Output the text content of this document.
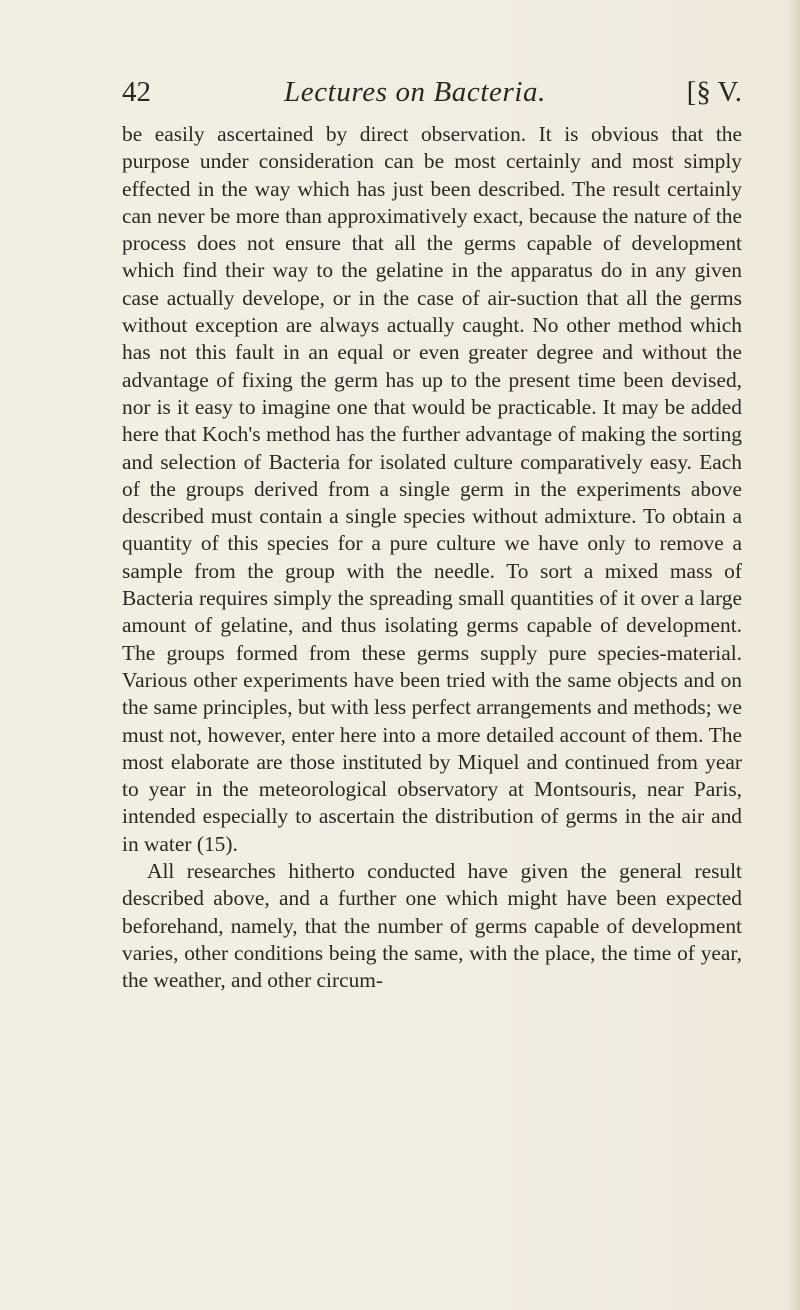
42	Lectures on Bacteria.	[§ V.

be easily ascertained by direct observation. It is obvious that the purpose under consideration can be most certainly and most simply effected in the way which has just been described. The result certainly can never be more than approximatively exact, because the nature of the process does not ensure that all the germs capable of development which find their way to the gelatine in the apparatus do in any given case actually develope, or in the case of air-suction that all the germs without exception are always actually caught. No other method which has not this fault in an equal or even greater degree and without the advantage of fixing the germ has up to the present time been devised, nor is it easy to imagine one that would be practicable. It may be added here that Koch's method has the further advantage of making the sorting and selection of Bacteria for isolated culture comparatively easy. Each of the groups derived from a single germ in the experiments above described must contain a single species without admixture. To obtain a quantity of this species for a pure culture we have only to remove a sample from the group with the needle. To sort a mixed mass of Bacteria requires simply the spreading small quantities of it over a large amount of gelatine, and thus isolating germs capable of development. The groups formed from these germs supply pure species-material. Various other experiments have been tried with the same objects and on the same principles, but with less perfect arrangements and methods; we must not, however, enter here into a more detailed account of them. The most elaborate are those instituted by Miquel and continued from year to year in the meteorological observatory at Montsouris, near Paris, intended especially to ascertain the distribution of germs in the air and in water (15).

All researches hitherto conducted have given the general result described above, and a further one which might have been expected beforehand, namely, that the number of germs capable of development varies, other conditions being the same, with the place, the time of year, the weather, and other circum-
